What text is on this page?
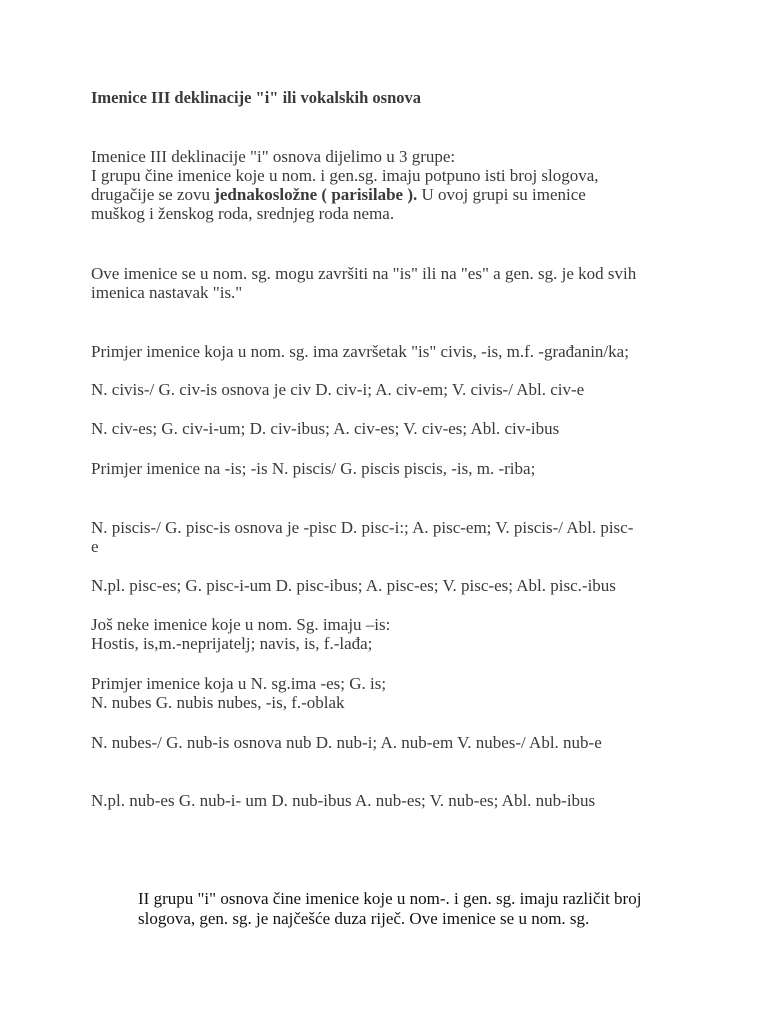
Imenice III deklinacije "i" ili vokalskih osnova

Imenice III deklinacije "i" osnova dijelimo u 3 grupe:

I grupu čine imenice koje u nom. i gen.sg. imaju potpuno isti broj slogova,

drugačije se zovu jednakosložne ( parisilabe ). U ovoj grupi su imenice

muškog i ženskog roda, srednjeg roda nema.

Ove imenice se u nom. sg. mogu završiti na "is" ili na "es" a gen. sg. je kod svih

imenica nastavak "is."

Primjer imenice koja u nom. sg. ima završetak "is" civis, -is, m.f. -građanin/ka;

N. civis-/ G. civ-is osnova je civ D. civ-i; A. civ-em; V. civis-/ Abl. civ-e

N. civ-es; G. civ-i-um; D. civ-ibus; A. civ-es; V. civ-es; Abl. civ-ibus

Primjer imenice na -is; -is N. piscis/ G. piscis piscis, -is, m. -riba;

N. piscis-/ G. pisc-is osnova je -pisc D. pisc-i:; A. pisc-em; V. piscis-/ Abl. pisc-

e

N.pl. pisc-es; G. pisc-i-um D. pisc-ibus; A. pisc-es; V. pisc-es; Abl. pisc.-ibus

Još neke imenice koje u nom. Sg. imaju –is:

Hostis, is,m.-neprijatelj; navis, is, f.-lađa;

Primjer imenice koja u N. sg.ima -es; G. is;

N. nubes G. nubis nubes, -is, f.-oblak

N. nubes-/ G. nub-is osnova nub D. nub-i; A. nub-em V. nubes-/ Abl. nub-e

N.pl. nub-es G. nub-i- um D. nub-ibus A. nub-es; V. nub-es; Abl. nub-ibus

II grupu "i" osnova čine imenice koje u nom-. i gen. sg. imaju različit broj

slogova, gen. sg. je najčešće duza riječ. Ove imenice se u nom. sg.
